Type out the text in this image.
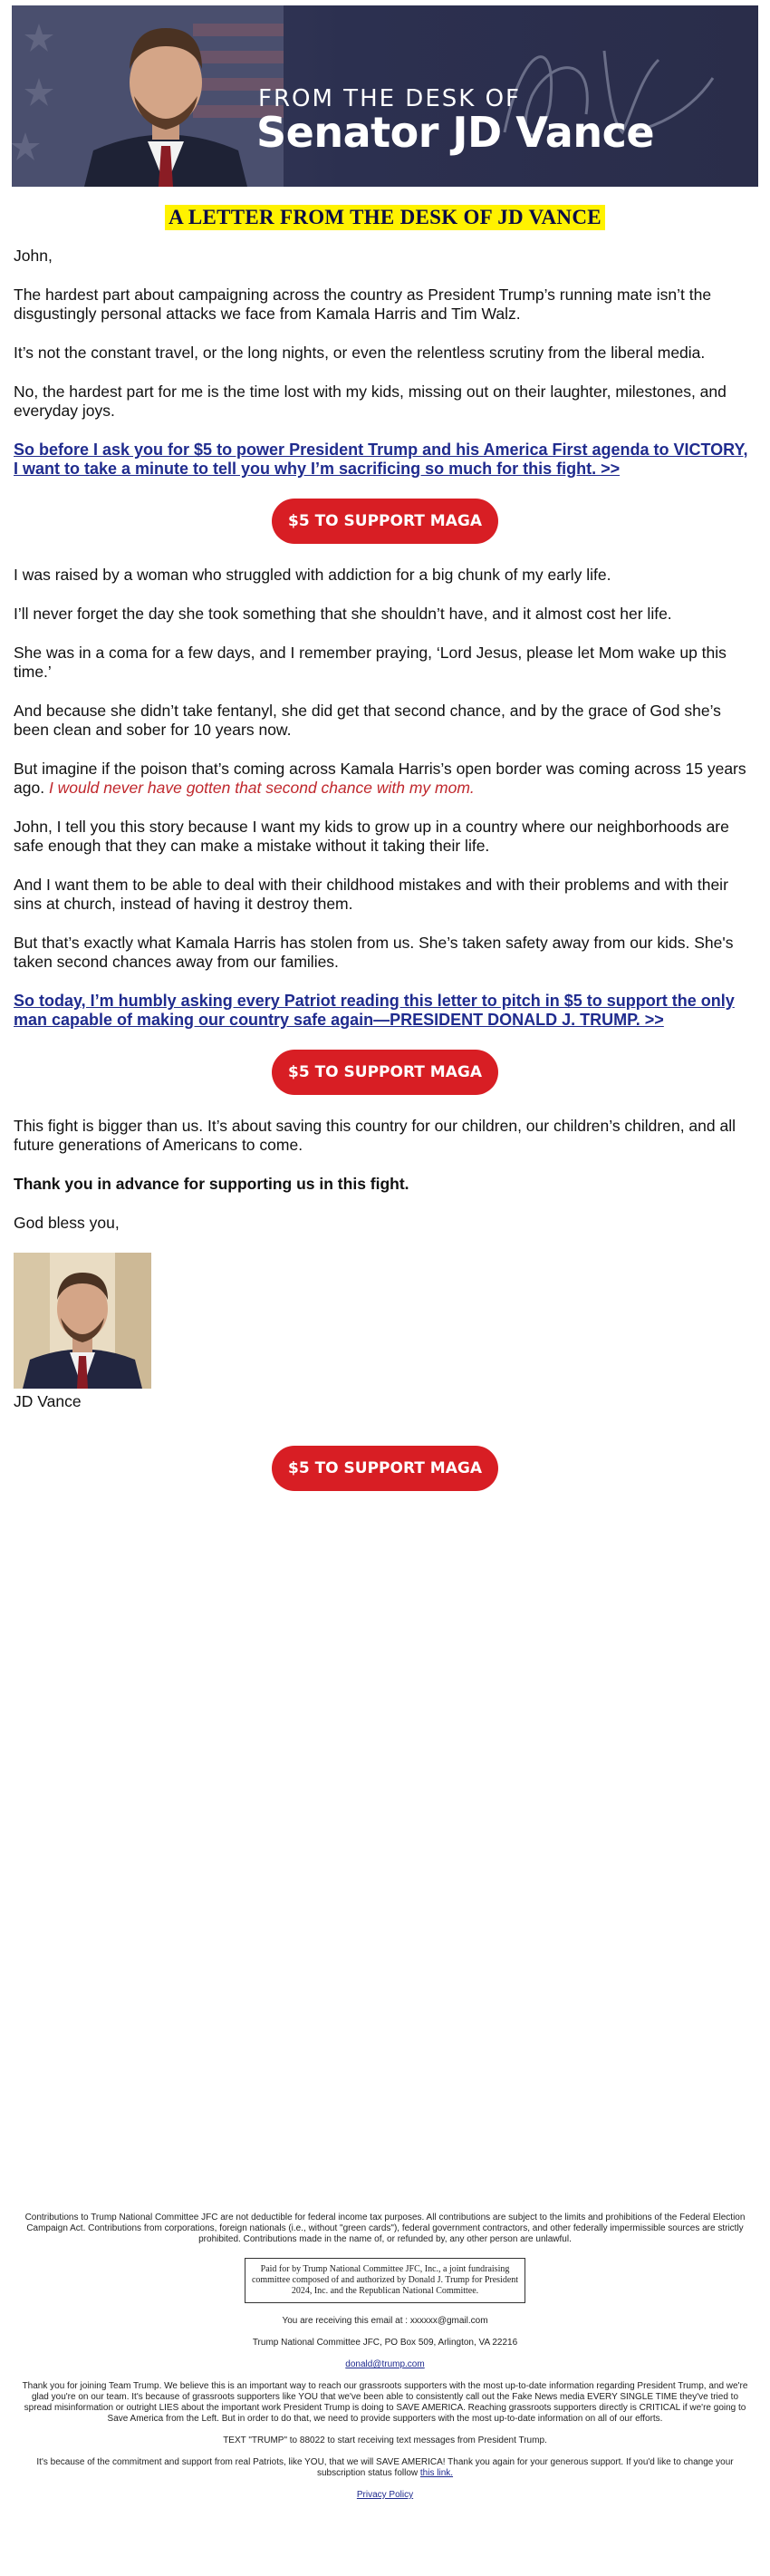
FROM THE DESK OF
Senator JD Vance
A LETTER FROM THE DESK OF JD VANCE

John,

The hardest part about campaigning across the country as President Trump’s running mate isn’t the disgustingly personal attacks we face from Kamala Harris and Tim Walz.

It’s not the constant travel, or the long nights, or even the relentless scrutiny from the liberal media.

No, the hardest part for me is the time lost with my kids, missing out on their laughter, milestones, and everyday joys.

So before I ask you for $5 to power President Trump and his America First agenda to VICTORY, I want to take a minute to tell you why I’m sacrificing so much for this fight. >>

$5 TO SUPPORT MAGA

I was raised by a woman who struggled with addiction for a big chunk of my early life.

I’ll never forget the day she took something that she shouldn’t have, and it almost cost her life.

She was in a coma for a few days, and I remember praying, ‘Lord Jesus, please let Mom wake up this time.’

And because she didn’t take fentanyl, she did get that second chance, and by the grace of God she’s been clean and sober for 10 years now.

But imagine if the poison that’s coming across Kamala Harris’s open border was coming across 15 years ago. I would never have gotten that second chance with my mom.

John, I tell you this story because I want my kids to grow up in a country where our neighborhoods are safe enough that they can make a mistake without it taking their life.

And I want them to be able to deal with their childhood mistakes and with their problems and with their sins at church, instead of having it destroy them.

But that’s exactly what Kamala Harris has stolen from us. She’s taken safety away from our kids. She's taken second chances away from our families.

So today, I’m humbly asking every Patriot reading this letter to pitch in $5 to support the only man capable of making our country safe again—PRESIDENT DONALD J. TRUMP. >>

$5 TO SUPPORT MAGA

This fight is bigger than us. It’s about saving this country for our children, our children’s children, and all future generations of Americans to come.

Thank you in advance for supporting us in this fight.

God bless you,

JD Vance

$5 TO SUPPORT MAGA
Contributions to Trump National Committee JFC are not deductible for federal income tax purposes. All contributions are subject to the limits and prohibitions of the Federal Election Campaign Act. Contributions from corporations, foreign nationals (i.e., without "green cards"), federal government contractors, and other federally impermissible sources are strictly prohibited. Contributions made in the name of, or refunded by, any other person are unlawful.
Paid for by Trump National Committee JFC, Inc., a joint fundraising committee composed of and authorized by Donald J. Trump for President 2024, Inc. and the Republican National Committee.
You are receiving this email at : xxxxxx@gmail.com
Trump National Committee JFC, PO Box 509, Arlington, VA 22216
donald@trump.com
Thank you for joining Team Trump. We believe this is an important way to reach our grassroots supporters with the most up-to-date information regarding President Trump, and we're glad you're on our team. It's because of grassroots supporters like YOU that we've been able to consistently call out the Fake News media EVERY SINGLE TIME they've tried to spread misinformation or outright LIES about the important work President Trump is doing to SAVE AMERICA. Reaching grassroots supporters directly is CRITICAL if we're going to Save America from the Left. But in order to do that, we need to provide supporters with the most up-to-date information on all of our efforts.
TEXT "TRUMP" to 88022 to start receiving text messages from President Trump.
It's because of the commitment and support from real Patriots, like YOU, that we will SAVE AMERICA! Thank you again for your generous support. If you'd like to change your subscription status follow this link.
Privacy Policy
